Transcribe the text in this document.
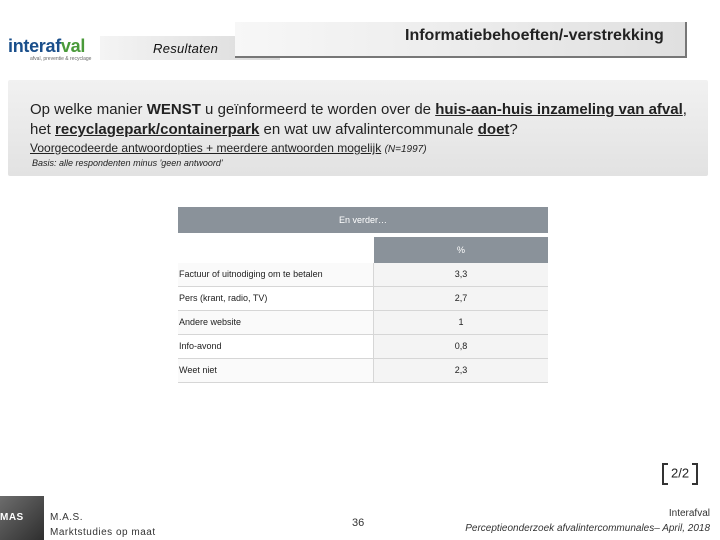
interafval
afval, preventie & recyclage
Informatiebehoeften/-verstrekking
Resultaten
Op welke manier WENST u geïnformeerd te worden over de huis-aan-huis inzameling van afval, het recyclagepark/containerpark en wat uw afvalintercommunale doet?
Voorgecodeerde antwoordopties + meerdere antwoorden mogelijk (N=1997)
Basis: alle respondenten minus 'geen antwoord'
En verder…
%
Factuur of uitnodiging om te betalen	3,3
Pers (krant, radio, TV)	2,7
Andere website	1
Info-avond	0,8
Weet niet	2,3
2/2
MAS	M.A.S.
Marktstudies op maat
36
Interafval
Perceptieonderzoek afvalintercommunales– April, 2018
